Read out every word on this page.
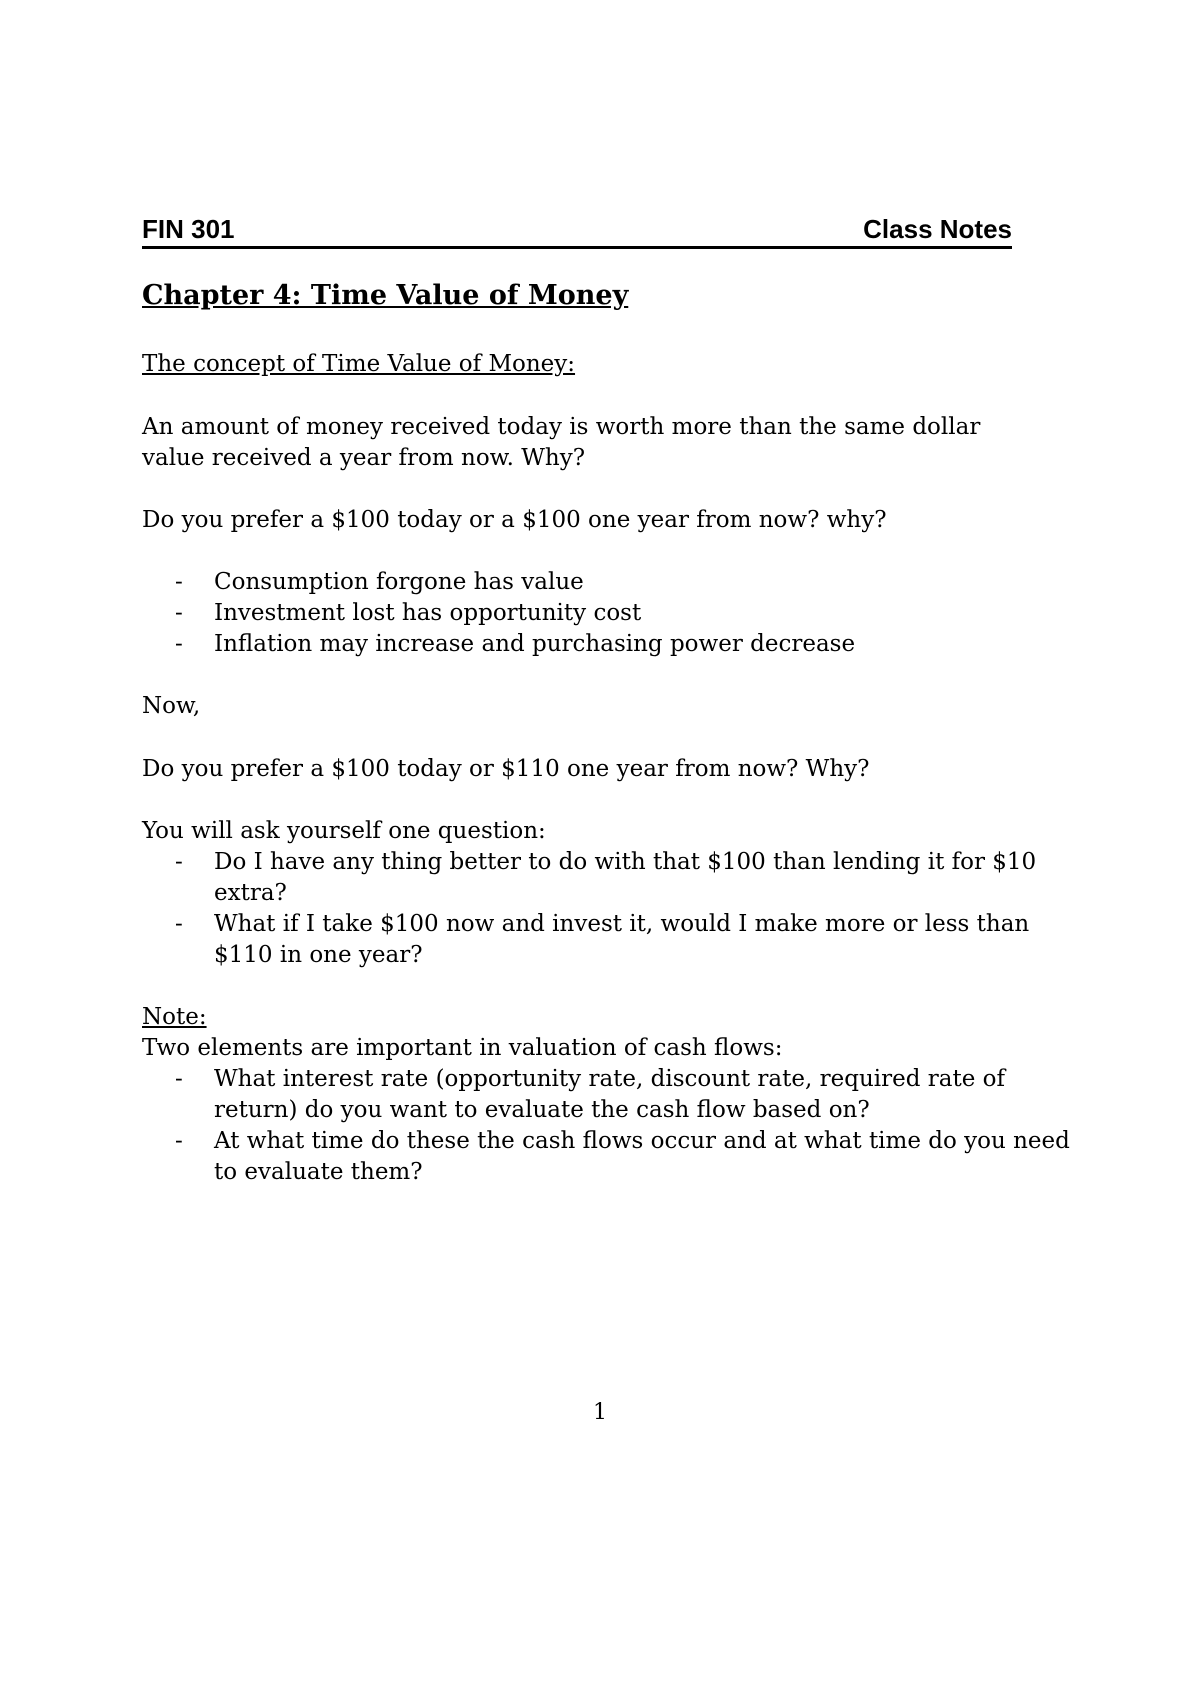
FIN 301	Class Notes
Chapter 4: Time Value of Money
The concept of Time Value of Money:
An amount of money received today is worth more than the same dollar
value received a year from now. Why?
Do you prefer a $100 today or a $100 one year from now? why?
- Consumption forgone has value
- Investment lost has opportunity cost
- Inflation may increase and purchasing power decrease
Now,
Do you prefer a $100 today or $110 one year from now? Why?
You will ask yourself one question:
- Do I have any thing better to do with that $100 than lending it for $10
extra?
- What if I take $100 now and invest it, would I make more or less than
$110 in one year?
Note:
Two elements are important in valuation of cash flows:
- What interest rate (opportunity rate, discount rate, required rate of
return) do you want to evaluate the cash flow based on?
- At what time do these the cash flows occur and at what time do you need
to evaluate them?
1
